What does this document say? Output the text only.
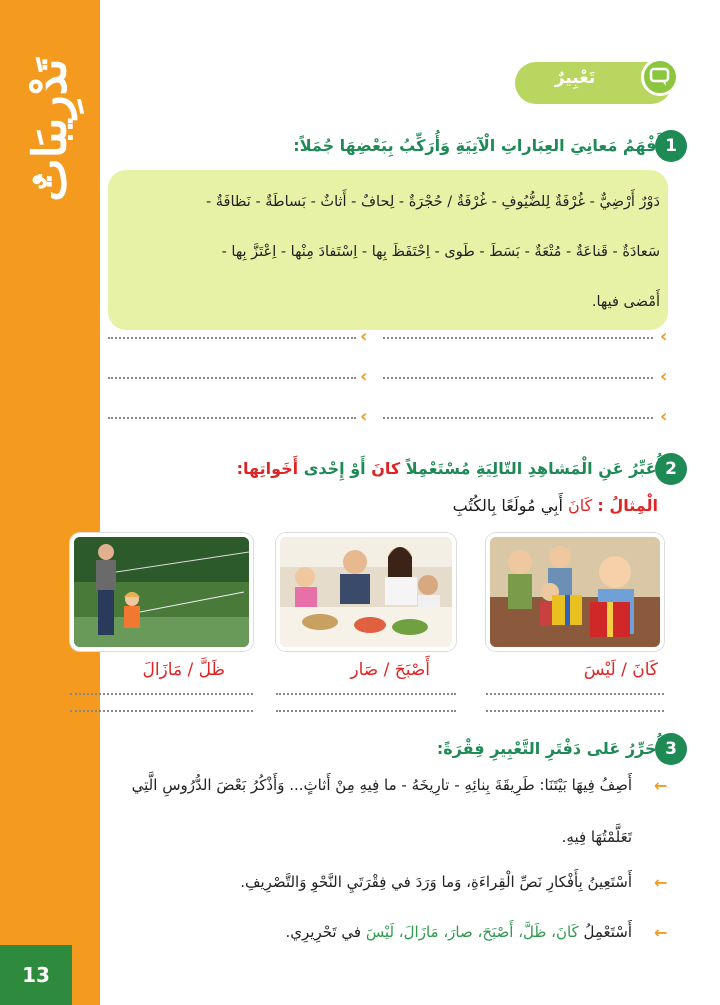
تَدْرِيبَاتٌ
13
تَعْبِيرٌ
1
أَفْهَمُ مَعانِيَ العِبَاراتِ الْآتِيَةِ وَأُرَكِّبُ بِبَعْضِهَا جُمَلاً:
دَوْرٌ أَرْضِيٌّ - غُرْفَةٌ لِلضُّيُوفِ - غُرْفَةٌ / حُجْرَةٌ - لِحافٌ - أَثاثٌ - بَساطَةٌ - نَظافَةٌ -
سَعادَةٌ - قَناعَةٌ - مُتْعَةٌ - بَسَطَ - طَوى - اِحْتَفَظَ بِها - اِسْتَفادَ مِنْها - اِعْتَزَّ بِها -
أَمْضى فيها.
‹
‹
‹
‹
‹
‹
2
أُعَبِّرُ عَنِ الْمَشاهِدِ التّالِيَةِ مُسْتَعْمِلاً كانَ أَوْ إِحْدى أَخَواتِها:
الْمِثالُ : كَانَ أَبِي مُولَعًا بِالكُتُبِ
كَانَ / لَيْسَ
أَصْبَحَ / صَار
ظَلَّ / مَازَالَ
3
أُحَرِّرُ عَلى دَفْتَرِ التَّعْبِيرِ فِقْرَةً:
←
أَصِفُ فِيهَا بَيْتَنَا: طَرِيقَةَ بِنائِهِ - تارِيخَهُ - ما فِيهِ مِنْ أَثاثٍ... وَأَذْكُرُ بَعْضَ الدُّرُوسِ الَّتِي
تَعَلَّمْتُهَا فِيهِ.
←
أَسْتَعِينُ بِأَفْكارِ نَصِّ الْقِراءَةِ، وَما وَرَدَ في فِقْرَتَيِ النَّحْوِ وَالتَّصْرِيفِ.
←
أَسْتَعْمِلُ كَانَ، ظَلَّ، أَصْبَحَ، صارَ، مَازَالَ، لَيْسَ في تَحْرِيرِي.
